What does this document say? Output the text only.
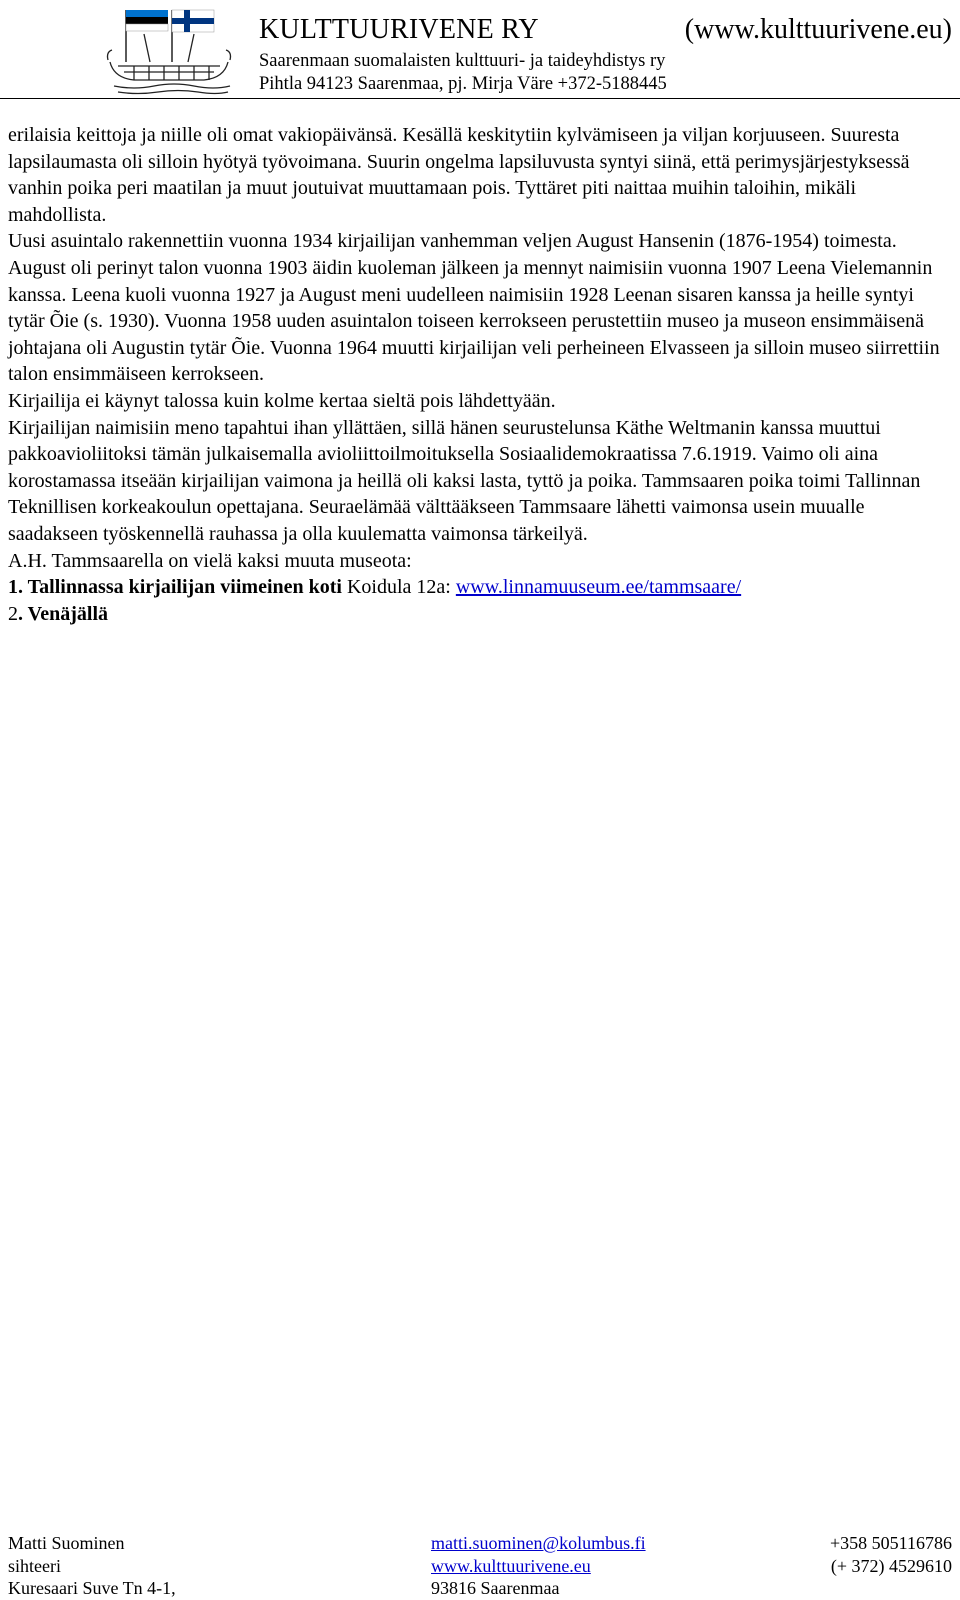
KULTTUURIVENE RY	(www.kulttuurivene.eu)
Saarenmaan suomalaisten kulttuuri- ja taideyhdistys ry
Pihtla 94123 Saarenmaa, pj. Mirja Väre +372-5188445

erilaisia keittoja ja niille oli omat vakiopäivänsä. Kesällä keskitytiin kylvämiseen ja viljan korjuuseen. Suuresta lapsilaumasta oli silloin hyötyä työvoimana. Suurin ongelma lapsiluvusta syntyi siinä, että perimysjärjestyksessä vanhin poika peri maatilan ja muut joutuivat muuttamaan pois. Tyttäret piti naittaa muihin taloihin, mikäli mahdollista.

Uusi asuintalo rakennettiin vuonna 1934 kirjailijan vanhemman veljen August Hansenin (1876-1954) toimesta. August oli perinyt talon vuonna 1903 äidin kuoleman jälkeen ja mennyt naimisiin vuonna 1907 Leena Vielemannin kanssa. Leena kuoli vuonna 1927 ja August meni uudelleen naimisiin 1928 Leenan sisaren kanssa ja heille syntyi tytär Õie (s. 1930). Vuonna 1958 uuden asuintalon toiseen kerrokseen perustettiin museo ja museon ensimmäisenä johtajana oli Augustin tytär Õie. Vuonna 1964 muutti kirjailijan veli perheineen Elvasseen ja silloin museo siirrettiin talon ensimmäiseen kerrokseen.

Kirjailija ei käynyt talossa kuin kolme kertaa sieltä pois lähdettyään.

Kirjailijan naimisiin meno tapahtui ihan yllättäen, sillä hänen seurustelunsa Käthe Weltmanin kanssa muuttui pakkoavioliitoksi tämän julkaisemalla avioliittoilmoituksella Sosiaalidemokraatissa 7.6.1919. Vaimo oli aina korostamassa itseään kirjailijan vaimona ja heillä oli kaksi lasta, tyttö ja poika. Tammsaaren poika toimi Tallinnan Teknillisen korkeakoulun opettajana. Seuraelämää välttääkseen Tammsaare lähetti vaimonsa usein muualle saadakseen työskennellä rauhassa ja olla kuulematta vaimonsa tärkeilyä.

A.H. Tammsaarella on vielä kaksi muuta museota:

1. Tallinnassa kirjailijan viimeinen koti Koidula 12a: www.linnamuuseum.ee/tammsaare/

2. Venäjällä

Matti Suominen	matti.suominen@kolumbus.fi	+358 505116786
sihteeri	www.kulttuurivene.eu	(+ 372) 4529610
Kuresaari Suve Tn 4-1,	93816 Saarenmaa
